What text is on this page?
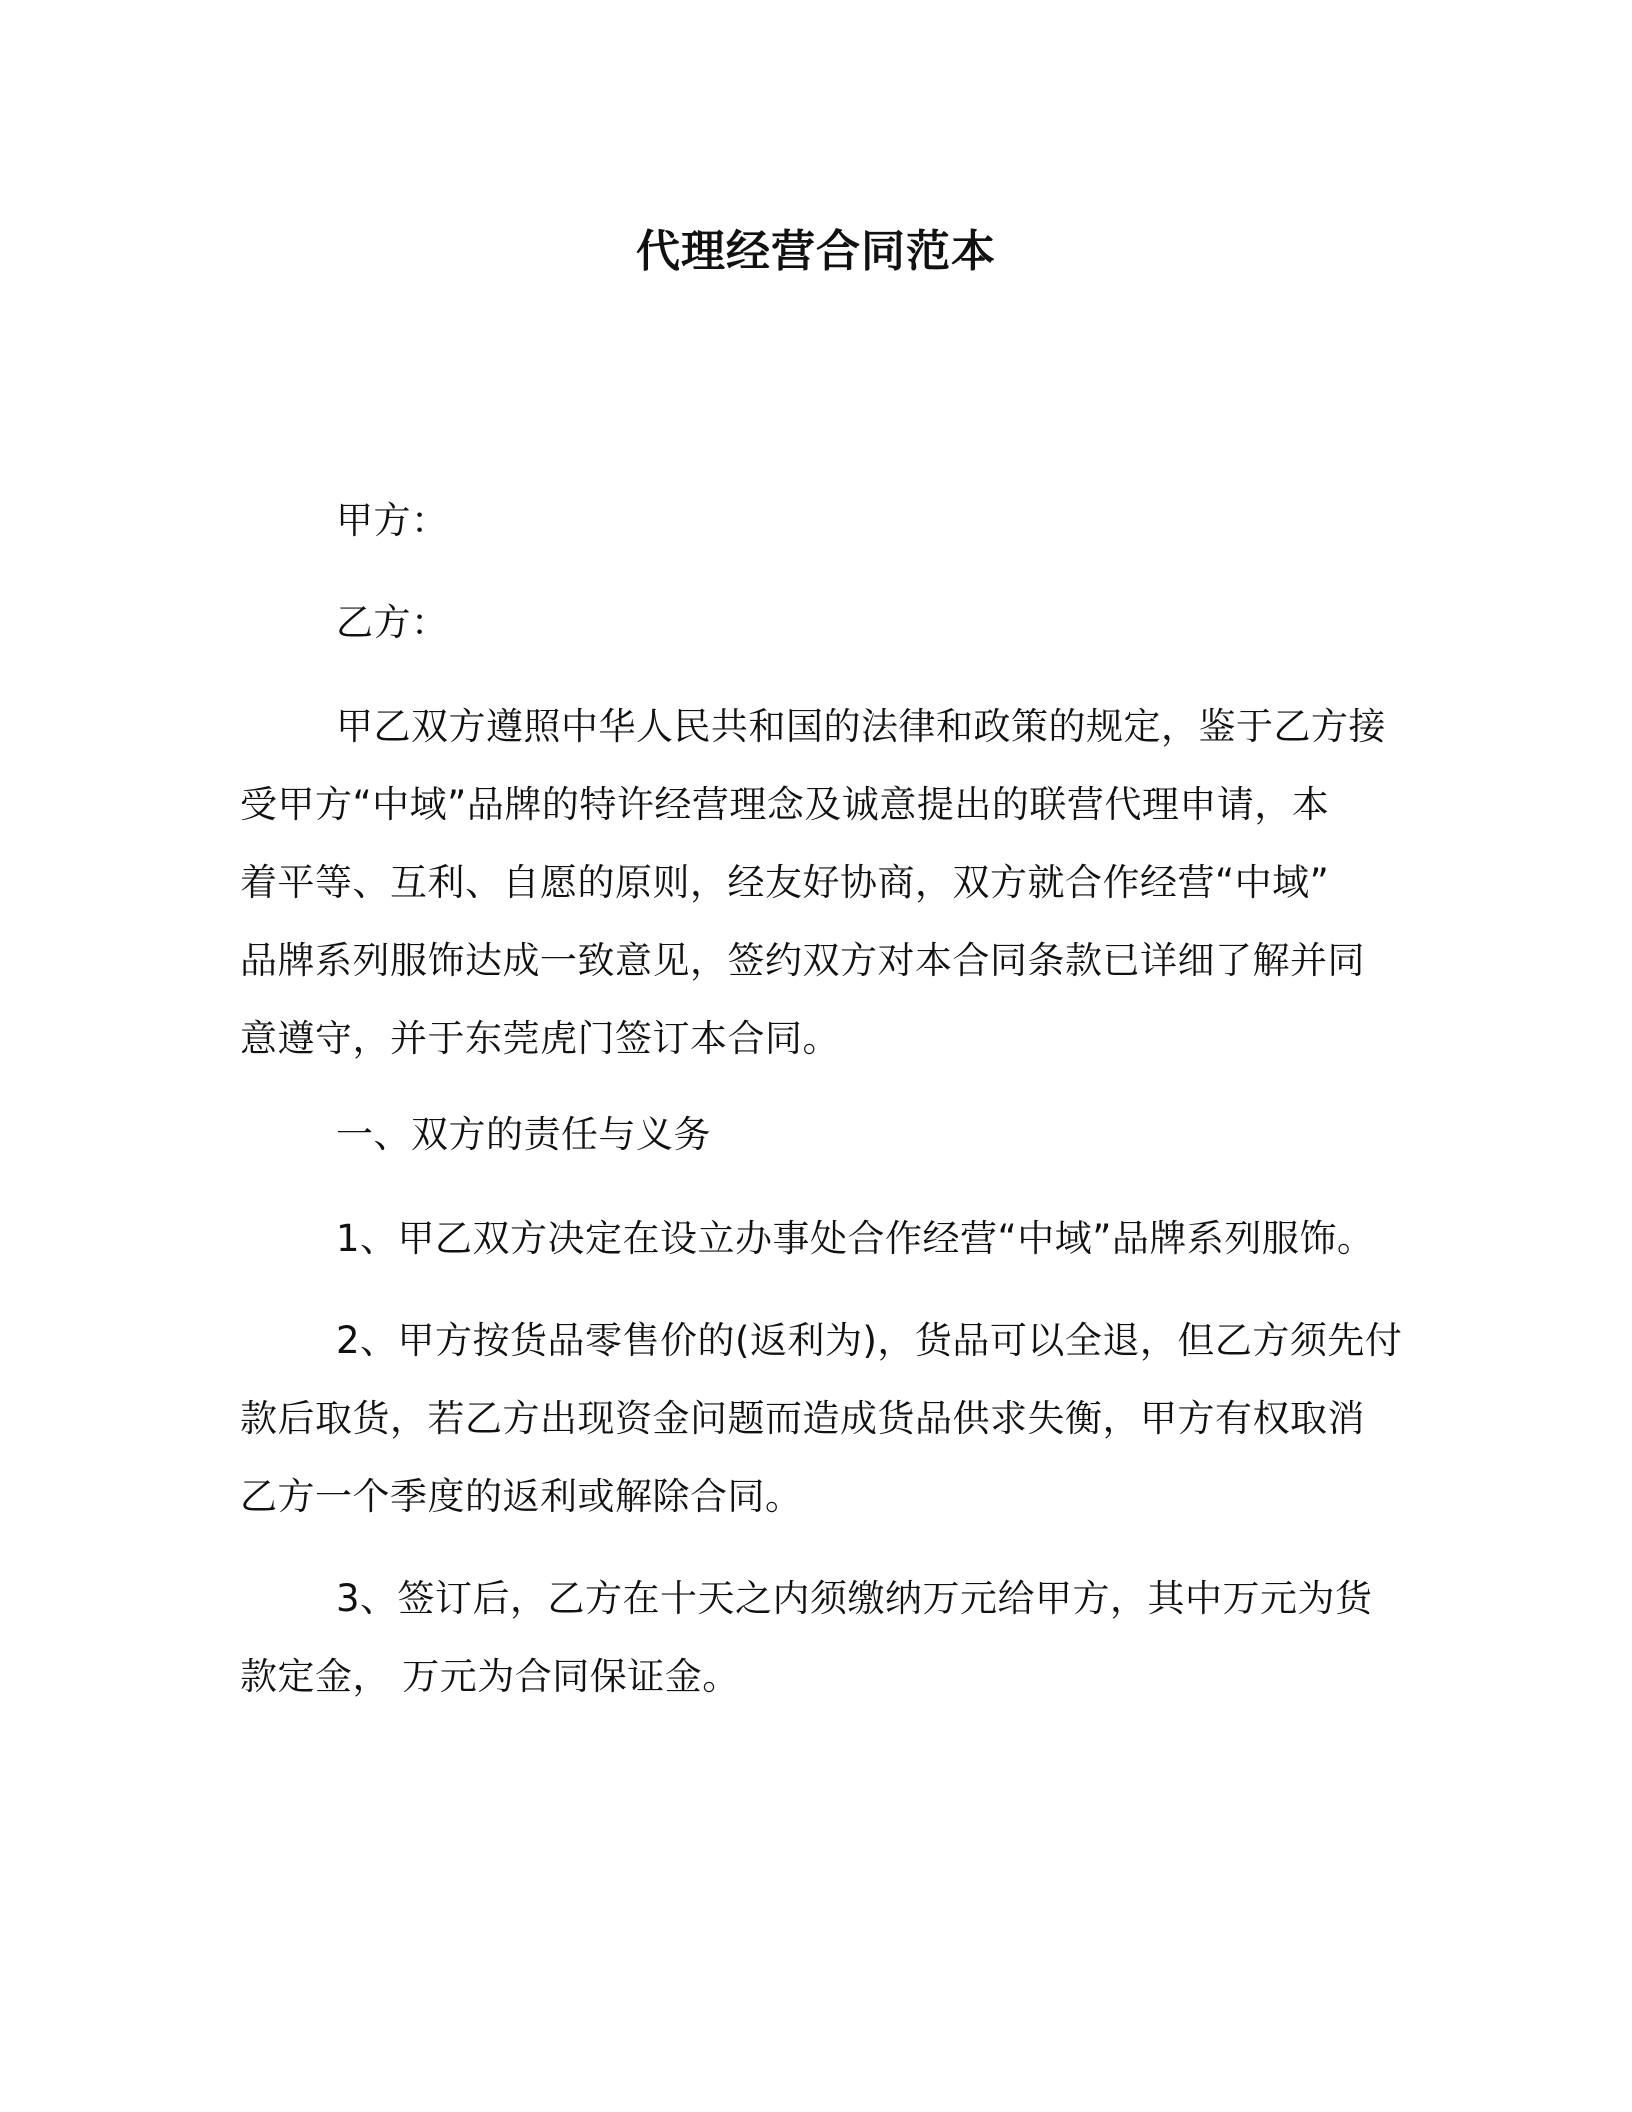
代理经营合同范本
甲方：
乙方：
甲乙双方遵照中华人民共和国的法律和政策的规定，鉴于乙方接
受甲方“中域”品牌的特许经营理念及诚意提出的联营代理申请，本
着平等、互利、自愿的原则，经友好协商，双方就合作经营“中域”
品牌系列服饰达成一致意见，签约双方对本合同条款已详细了解并同
意遵守，并于东莞虎门签订本合同。
一、双方的责任与义务
1、甲乙双方决定在设立办事处合作经营“中域”品牌系列服饰。
2、甲方按货品零售价的(返利为)，货品可以全退，但乙方须先付
款后取货，若乙方出现资金问题而造成货品供求失衡，甲方有权取消
乙方一个季度的返利或解除合同。
3、签订后，乙方在十天之内须缴纳万元给甲方，其中万元为货
款定金， 万元为合同保证金。
